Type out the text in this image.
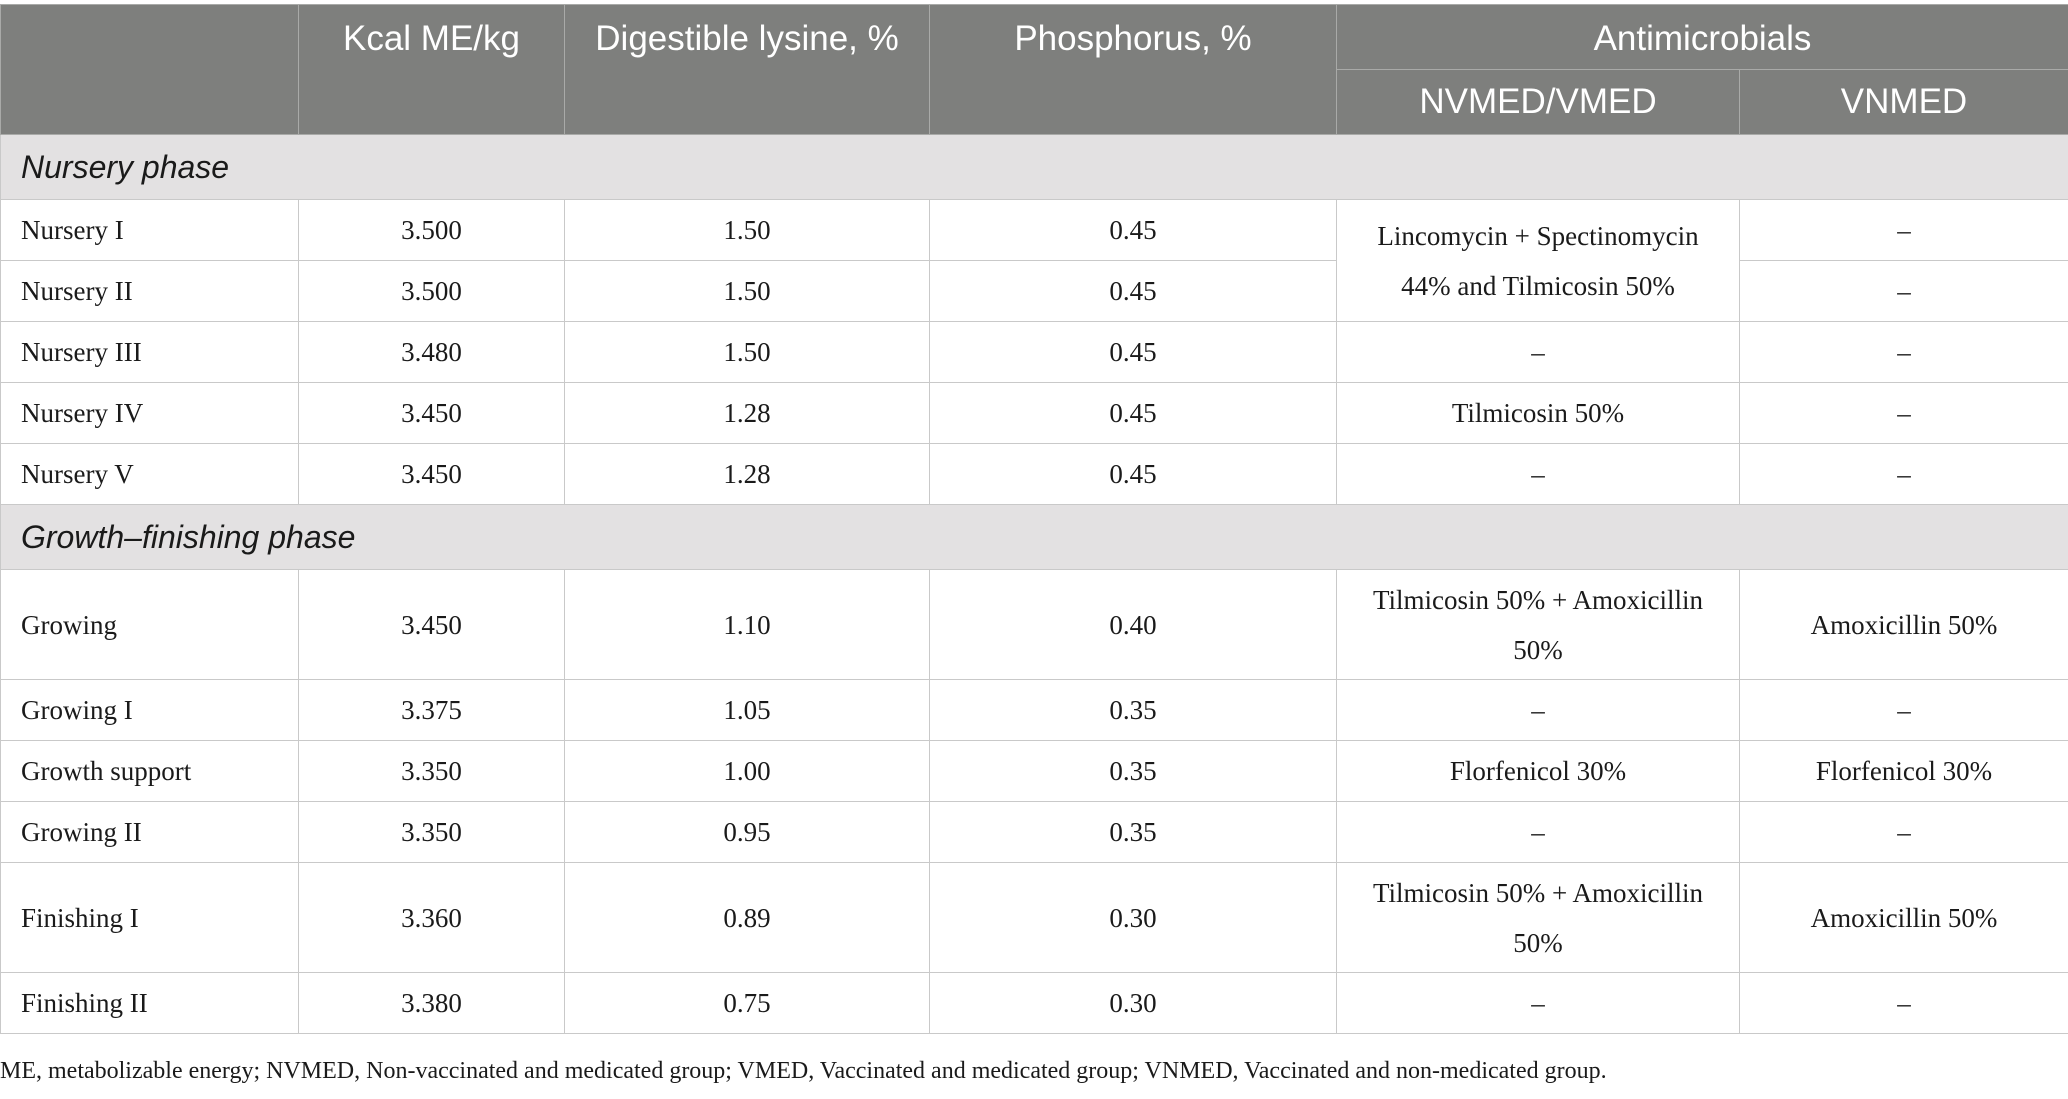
	Kcal ME/kg	Digestible lysine, %	Phosphorus, %	Antimicrobials	
				NVMED/VMED	VNMED
Nursery phase					
Nursery I	3.500	1.50	0.45	Lincomycin + Spectinomycin 44% and Tilmicosin 50%	–
Nursery II	3.500	1.50	0.45		–
Nursery III	3.480	1.50	0.45	–	–
Nursery IV	3.450	1.28	0.45	Tilmicosin 50%	–
Nursery V	3.450	1.28	0.45	–	–
Growth–finishing phase					
Growing	3.450	1.10	0.40	Tilmicosin 50% + Amoxicillin 50%	Amoxicillin 50%
Growing I	3.375	1.05	0.35	–	–
Growth support	3.350	1.00	0.35	Florfenicol 30%	Florfenicol 30%
Growing II	3.350	0.95	0.35	–	–
Finishing I	3.360	0.89	0.30	Tilmicosin 50% + Amoxicillin 50%	Amoxicillin 50%
Finishing II	3.380	0.75	0.30	–	–
ME, metabolizable energy; NVMED, Non-vaccinated and medicated group; VMED, Vaccinated and medicated group; VNMED, Vaccinated and non-medicated group.
